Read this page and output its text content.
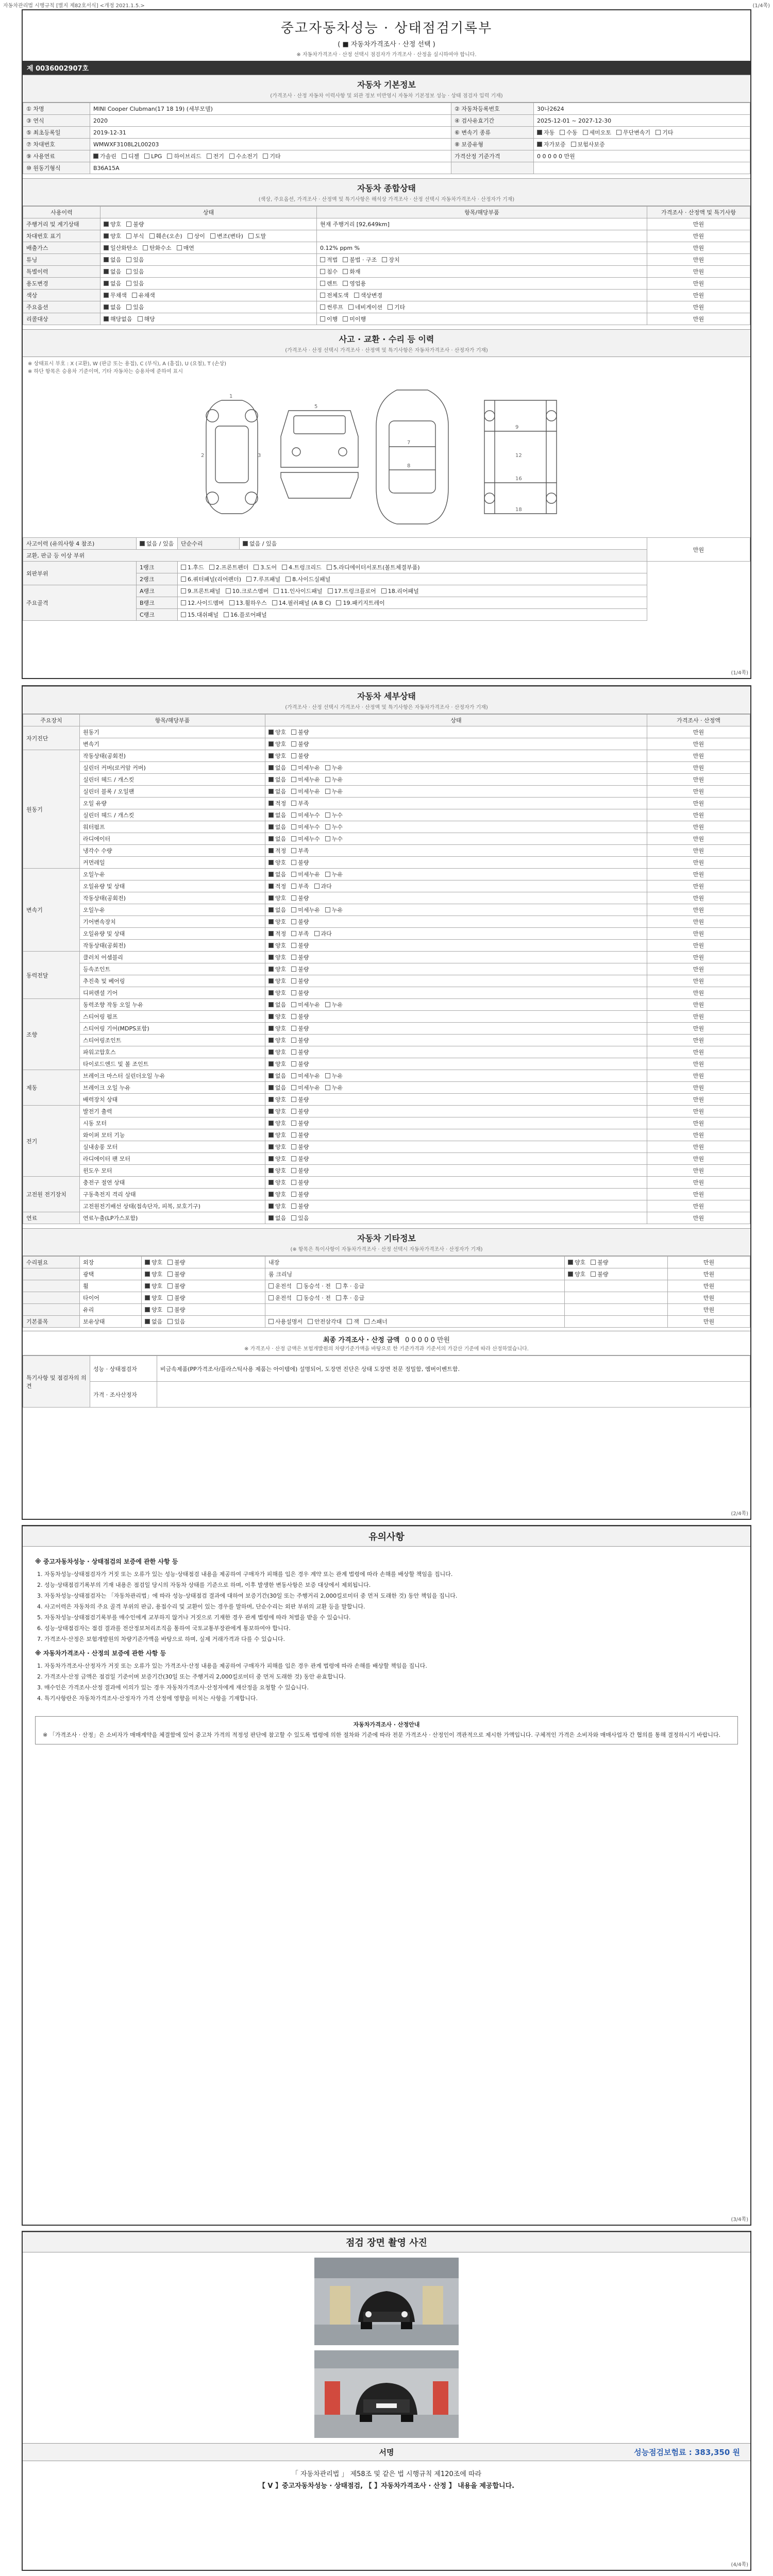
자동차관리법 시행규칙 [별지 제82호서식] <개정 2021.1.5.>	(1/4쪽)
중고자동차성능 · 상태점검기록부
( ■ 자동차가격조사 · 산정 선택 )
※ 자동차가격조사 · 산정 선택시 점검자가 가격조사 · 산정을 실시하여야 합니다.
제 0036002907호
자동차 기본정보
(가격조사 · 산정 자동차 이력사항 및 외관 정보 미반영시 자동차 기본정보 성능 · 상태 점검자 입력 기재)
① 차명	MINI Cooper Clubman(17 18 19) (세부모델)	② 자동차등록번호	30나2624
③ 연식	2020	④ 검사유효기간	2025-12-01 ~ 2027-12-30
⑤ 최초등록일	2019-12-31	⑥ 변속기 종류	자동 수동 세미오토 무단변속기 기타
⑦ 차대번호	WMWXF3108L2L00203	⑧ 보증유형	자가보증 보험사보증
⑨ 사용연료	가솔린 디젤 LPG 하이브리드 전기 수소전기 기타	가격산정 기준가격	0 0 0 0 0 만원
⑩ 원동기형식	B36A15A		
자동차 종합상태
(색상, 주요옵션, 가격조사 · 산정액 및 특기사항은 해석상 가격조사 · 산정 선택시 자동차가격조사 · 산정자가 기재)
사용이력	상태	항목/해당부품	가격조사 · 산정액 및 특기사항
주행거리 및 계기상태	양호 불량	현재 주행거리 [92,649km]	만원
차대번호 표기	양호 부식 훼손(오손) 상이 변조(변타) 도말		만원
배출가스	일산화탄소 탄화수소 매연	0.12% ppm %	만원
튜닝	없음 있음	적법 불법 · 구조 장치	만원
특별이력	없음 있음	침수 화재	만원
용도변경	없음 있음	렌트 영업용	만원
색상	무채색 유채색	전체도색 색상변경	만원
주요옵션	없음 있음	썬루프 네비게이션 기타	만원
리콜대상	해당없음 해당	이행 미이행	만원
사고 · 교환 · 수리 등 이력
(가격조사 · 산정 선택시 가격조사 · 산정액 및 특기사항은 자동차가격조사 · 산정자가 기재)
※ 상태표시 부호 : X (교환), W (판금 또는 용접), C (부식), A (흠집), U (요철), T (손상)
※ 하단 항목은 승용차 기준이며, 기타 자동차는 승용차에 준하여 표시
1
2	3
5
7
8
9
12
16
18
사고이력 (유의사항 4 참조)	없음 / 있음	단순수리	없음 / 있음	만원
교환, 판금 등 이상 부위				
외판부위	1랭크	1.후드 2.프론트펜더 3.도어 4.트렁크리드 5.라디에이터서포트(볼트체결부품)		
	2랭크	6.쿼터패널(리어펜더) 7.루프패널 8.사이드실패널		
주요골격	A랭크	9.프론트패널 10.크로스멤버 11.인사이드패널 17.트렁크플로어 18.리어패널		
	B랭크	12.사이드멤버 13.휠하우스 14.필러패널 (A B C) 19.패키지트레이		
	C랭크	15.대쉬패널 16.플로어패널		
(1/4쪽)
자동차 세부상태
(가격조사 · 산정 선택시 가격조사 · 산정액 및 특기사항은 자동차가격조사 · 산정자가 기재)
주요장치	항목/해당부품	상태	가격조사 · 산정액
자기진단	원동기	양호 불량	만원
	변속기	양호 불량	만원
원동기	작동상태(공회전)	양호 불량	만원
	실린더 커버(로커암 커버)	없음 미세누유 누유	만원
	실린더 헤드 / 개스킷	없음 미세누유 누유	만원
	실린더 블록 / 오일팬	없음 미세누유 누유	만원
	오일 유량	적정 부족	만원
	실린더 헤드 / 개스킷	없음 미세누수 누수	만원
	워터펌프	없음 미세누수 누수	만원
	라디에이터	없음 미세누수 누수	만원
	냉각수 수량	적정 부족	만원
	커먼레일	양호 불량	만원
변속기	오일누유	없음 미세누유 누유	만원
	오일유량 및 상태	적정 부족 과다	만원
	작동상태(공회전)	양호 불량	만원
	오일누유	없음 미세누유 누유	만원
	기어변속장치	양호 불량	만원
	오일유량 및 상태	적정 부족 과다	만원
	작동상태(공회전)	양호 불량	만원
동력전달	클러치 어셈블리	양호 불량	만원
	등속조인트	양호 불량	만원
	추진축 및 베어링	양호 불량	만원
	디퍼렌셜 기어	양호 불량	만원
조향	동력조향 작동 오일 누유	없음 미세누유 누유	만원
	스티어링 펌프	양호 불량	만원
	스티어링 기어(MDPS포함)	양호 불량	만원
	스티어링조인트	양호 불량	만원
	파워고압호스	양호 불량	만원
	타이로드엔드 및 볼 조인트	양호 불량	만원
제동	브레이크 마스터 실린더오일 누유	없음 미세누유 누유	만원
	브레이크 오일 누유	없음 미세누유 누유	만원
	배력장치 상태	양호 불량	만원
전기	발전기 출력	양호 불량	만원
	시동 모터	양호 불량	만원
	와이퍼 모터 기능	양호 불량	만원
	실내송풍 모터	양호 불량	만원
	라디에이터 팬 모터	양호 불량	만원
	윈도우 모터	양호 불량	만원
고전원 전기장치	충전구 절연 상태	양호 불량	만원
	구동축전지 격리 상태	양호 불량	만원
	고전원전기배선 상태(접속단자, 피복, 보호기구)	양호 불량	만원
연료	연료누출(LP가스포함)	없음 있음	만원
자동차 기타정보
(※ 항목은 특이사항이 자동차가격조사 · 산정 선택시 자동차가격조사 · 산정자가 기재)
수리필요	외장	양호 불량	내장	양호 불량	만원
	광택	양호 불량	룸 크리닝	양호 불량	만원
	휠	양호 불량	운전석 동승석 · 전 후 · 응급		만원
	타이어	양호 불량	운전석 동승석 · 전 후 · 응급		만원
	유리	양호 불량			만원
기본품목	보유상태	없음 있음	사용설명서 안전삼각대 잭 스패너		만원
최종 가격조사 · 산정 금액 0 0 0 0 0 만원
※ 가격조사 · 산정 금액은 보험개발원의 차량기준가액을 바탕으로 한 기준가격과 기준서의 가감산 기준에 따라 산정하였습니다.
특기사항 및 점검자의 의견	성능 · 상태점검자	비금속제품(PP가격조사/플라스틱사용 제품는 아이템에) 설명되어, 도장면 진단은 상태 도장면 전문 정밀함, 엠버이벤트함.
	가격 · 조사산정자	
(2/4쪽)
유의사항
※ 중고자동차성능 · 상태점검의 보증에 관한 사항 등
1. 자동차성능·상태점검자가 거짓 또는 오류가 있는 성능·상태점검 내용을 제공하여 구매자가 피해를 입은 경우 계약 또는 관계 법령에 따라 손해를 배상할 책임을 집니다.
2. 성능·상태점검기록부의 기재 내용은 점검일 당시의 자동차 상태를 기준으로 하며, 이후 발생한 변동사항은 보증 대상에서 제외됩니다.
3. 자동차성능·상태점검자는 「자동차관리법」에 따라 성능·상태점검 결과에 대하여 보증기간(30일 또는 주행거리 2,000킬로미터 중 먼저 도래한 것) 동안 책임을 집니다.
4. 사고이력은 자동차의 주요 골격 부위의 판금, 용접수리 및 교환이 있는 경우를 말하며, 단순수리는 외판 부위의 교환 등을 말합니다.
5. 자동차성능·상태점검기록부를 매수인에게 교부하지 않거나 거짓으로 기재한 경우 관계 법령에 따라 처벌을 받을 수 있습니다.
6. 성능·상태점검자는 점검 결과를 전산정보처리조직을 통하여 국토교통부장관에게 통보하여야 합니다.
7. 가격조사·산정은 보험개발원의 차량기준가액을 바탕으로 하며, 실제 거래가격과 다를 수 있습니다.
※ 자동차가격조사 · 산정의 보증에 관한 사항 등
1. 자동차가격조사·산정자가 거짓 또는 오류가 있는 가격조사·산정 내용을 제공하여 구매자가 피해를 입은 경우 관계 법령에 따라 손해를 배상할 책임을 집니다.
2. 가격조사·산정 금액은 점검일 기준이며 보증기간(30일 또는 주행거리 2,000킬로미터 중 먼저 도래한 것) 동안 유효합니다.
3. 매수인은 가격조사·산정 결과에 이의가 있는 경우 자동차가격조사·산정자에게 재산정을 요청할 수 있습니다.
4. 특기사항란은 자동차가격조사·산정자가 가격 산정에 영향을 미치는 사항을 기재합니다.
자동차가격조사 · 산정안내
※ 「가격조사 · 산정」은 소비자가 매매계약을 체결함에 있어 중고차 가격의 적정성 판단에 참고할 수 있도록 법령에 의한 절차와 기준에 따라 전문 가격조사 · 산정인이 객관적으로 제시한 가액입니다. 구체적인 가격은 소비자와 매매사업자 간 협의를 통해 결정하시기 바랍니다.
(3/4쪽)
점검 장면 촬영 사진
서명	성능점검보험료 : 383,350 원
「 자동차관리법 」 제58조 및 같은 법 시행규칙 제120조에 따라
【 V 】중고자동차성능 · 상태점검, 【 】자동차가격조사 · 산정 】 내용을 제공합니다.
(4/4쪽)
